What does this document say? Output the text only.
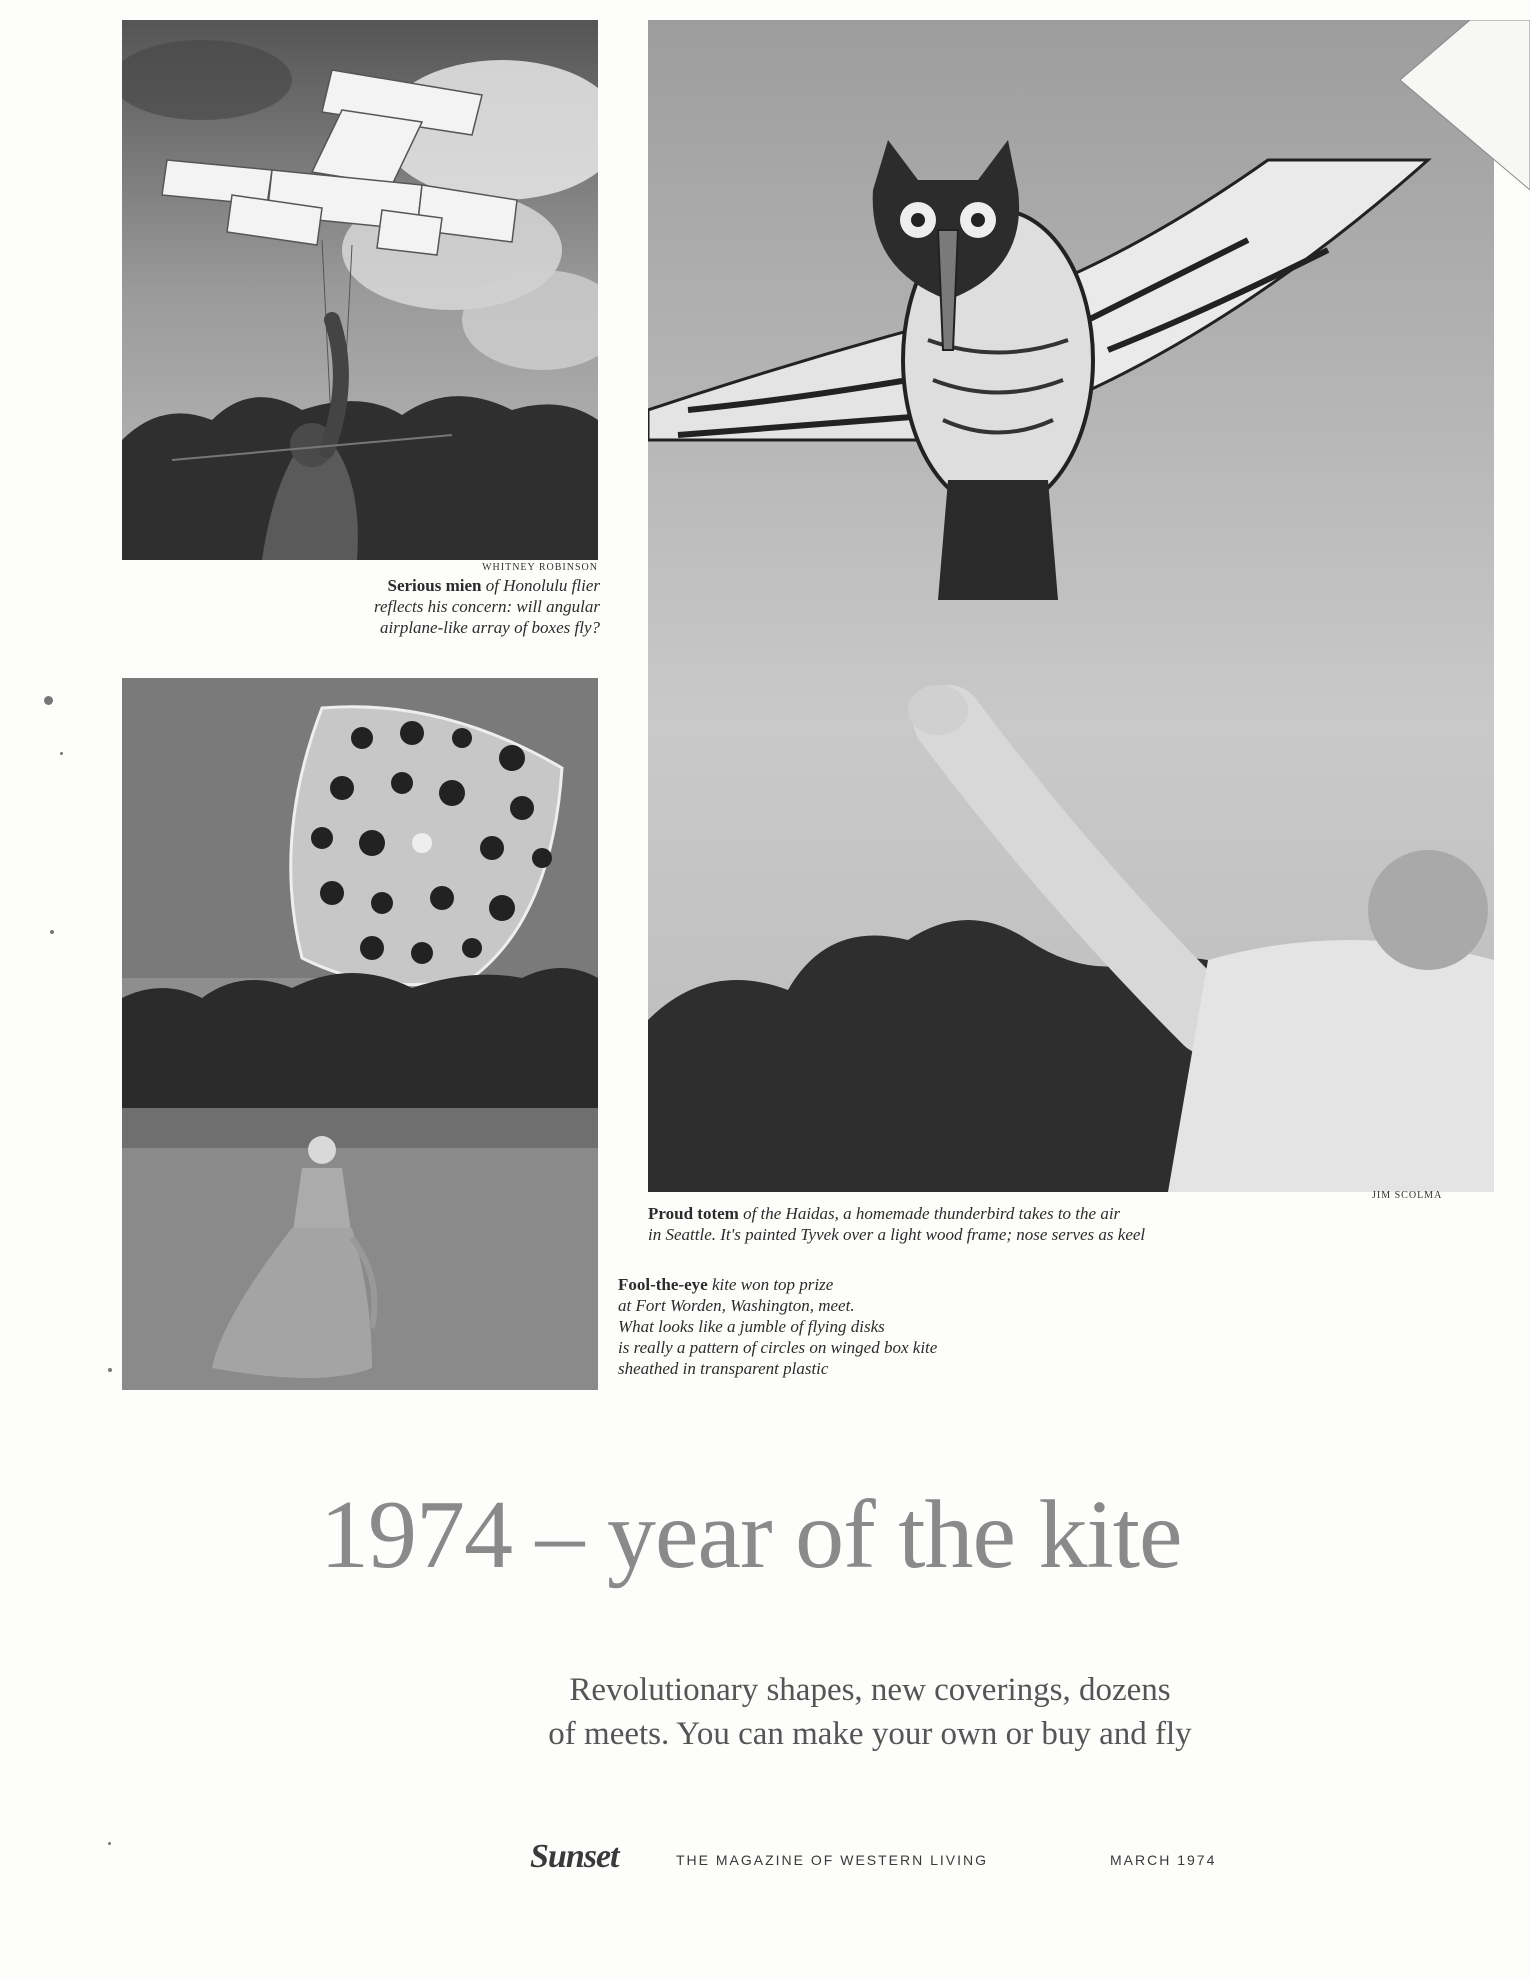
WHITNEY ROBINSON
Serious mien of Honolulu flier
reflects his concern: will angular
airplane-like array of boxes fly?
JIM SCOLMA
Proud totem of the Haidas, a homemade thunderbird takes to the air
in Seattle. It's painted Tyvek over a light wood frame; nose serves as keel
Fool-the-eye kite won top prize
at Fort Worden, Washington, meet.
What looks like a jumble of flying disks
is really a pattern of circles on winged box kite
sheathed in transparent plastic
1974 – year of the kite
Revolutionary shapes, new coverings, dozens
of meets. You can make your own or buy and fly
Sunset	THE MAGAZINE OF WESTERN LIVING	MARCH 1974
